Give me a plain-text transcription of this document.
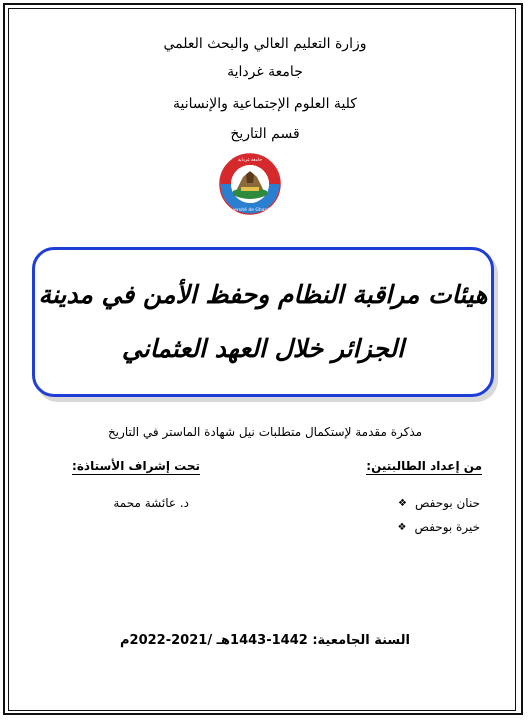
وزارة التعليم العالي والبحث العلمي
جامعة غرداية
كلية العلوم الإجتماعية والإنسانية
قسم التاريخ
جامعة غرداية
Université de Ghardaia
هيئات مراقبة النظام وحفظ الأمن في مدينة
الجزائر خلال العهد العثماني
مذكرة مقدمة لإستكمال متطلبات نيل شهادة الماستر في التاريخ
من إعداد الطالبتين:
تحت إشراف الأستاذة:
❖ حنان بوحفص
❖ خيرة بوحفص
د. عائشة محمة
السنة الجامعية: 1442-1443هـ /2021-2022م
